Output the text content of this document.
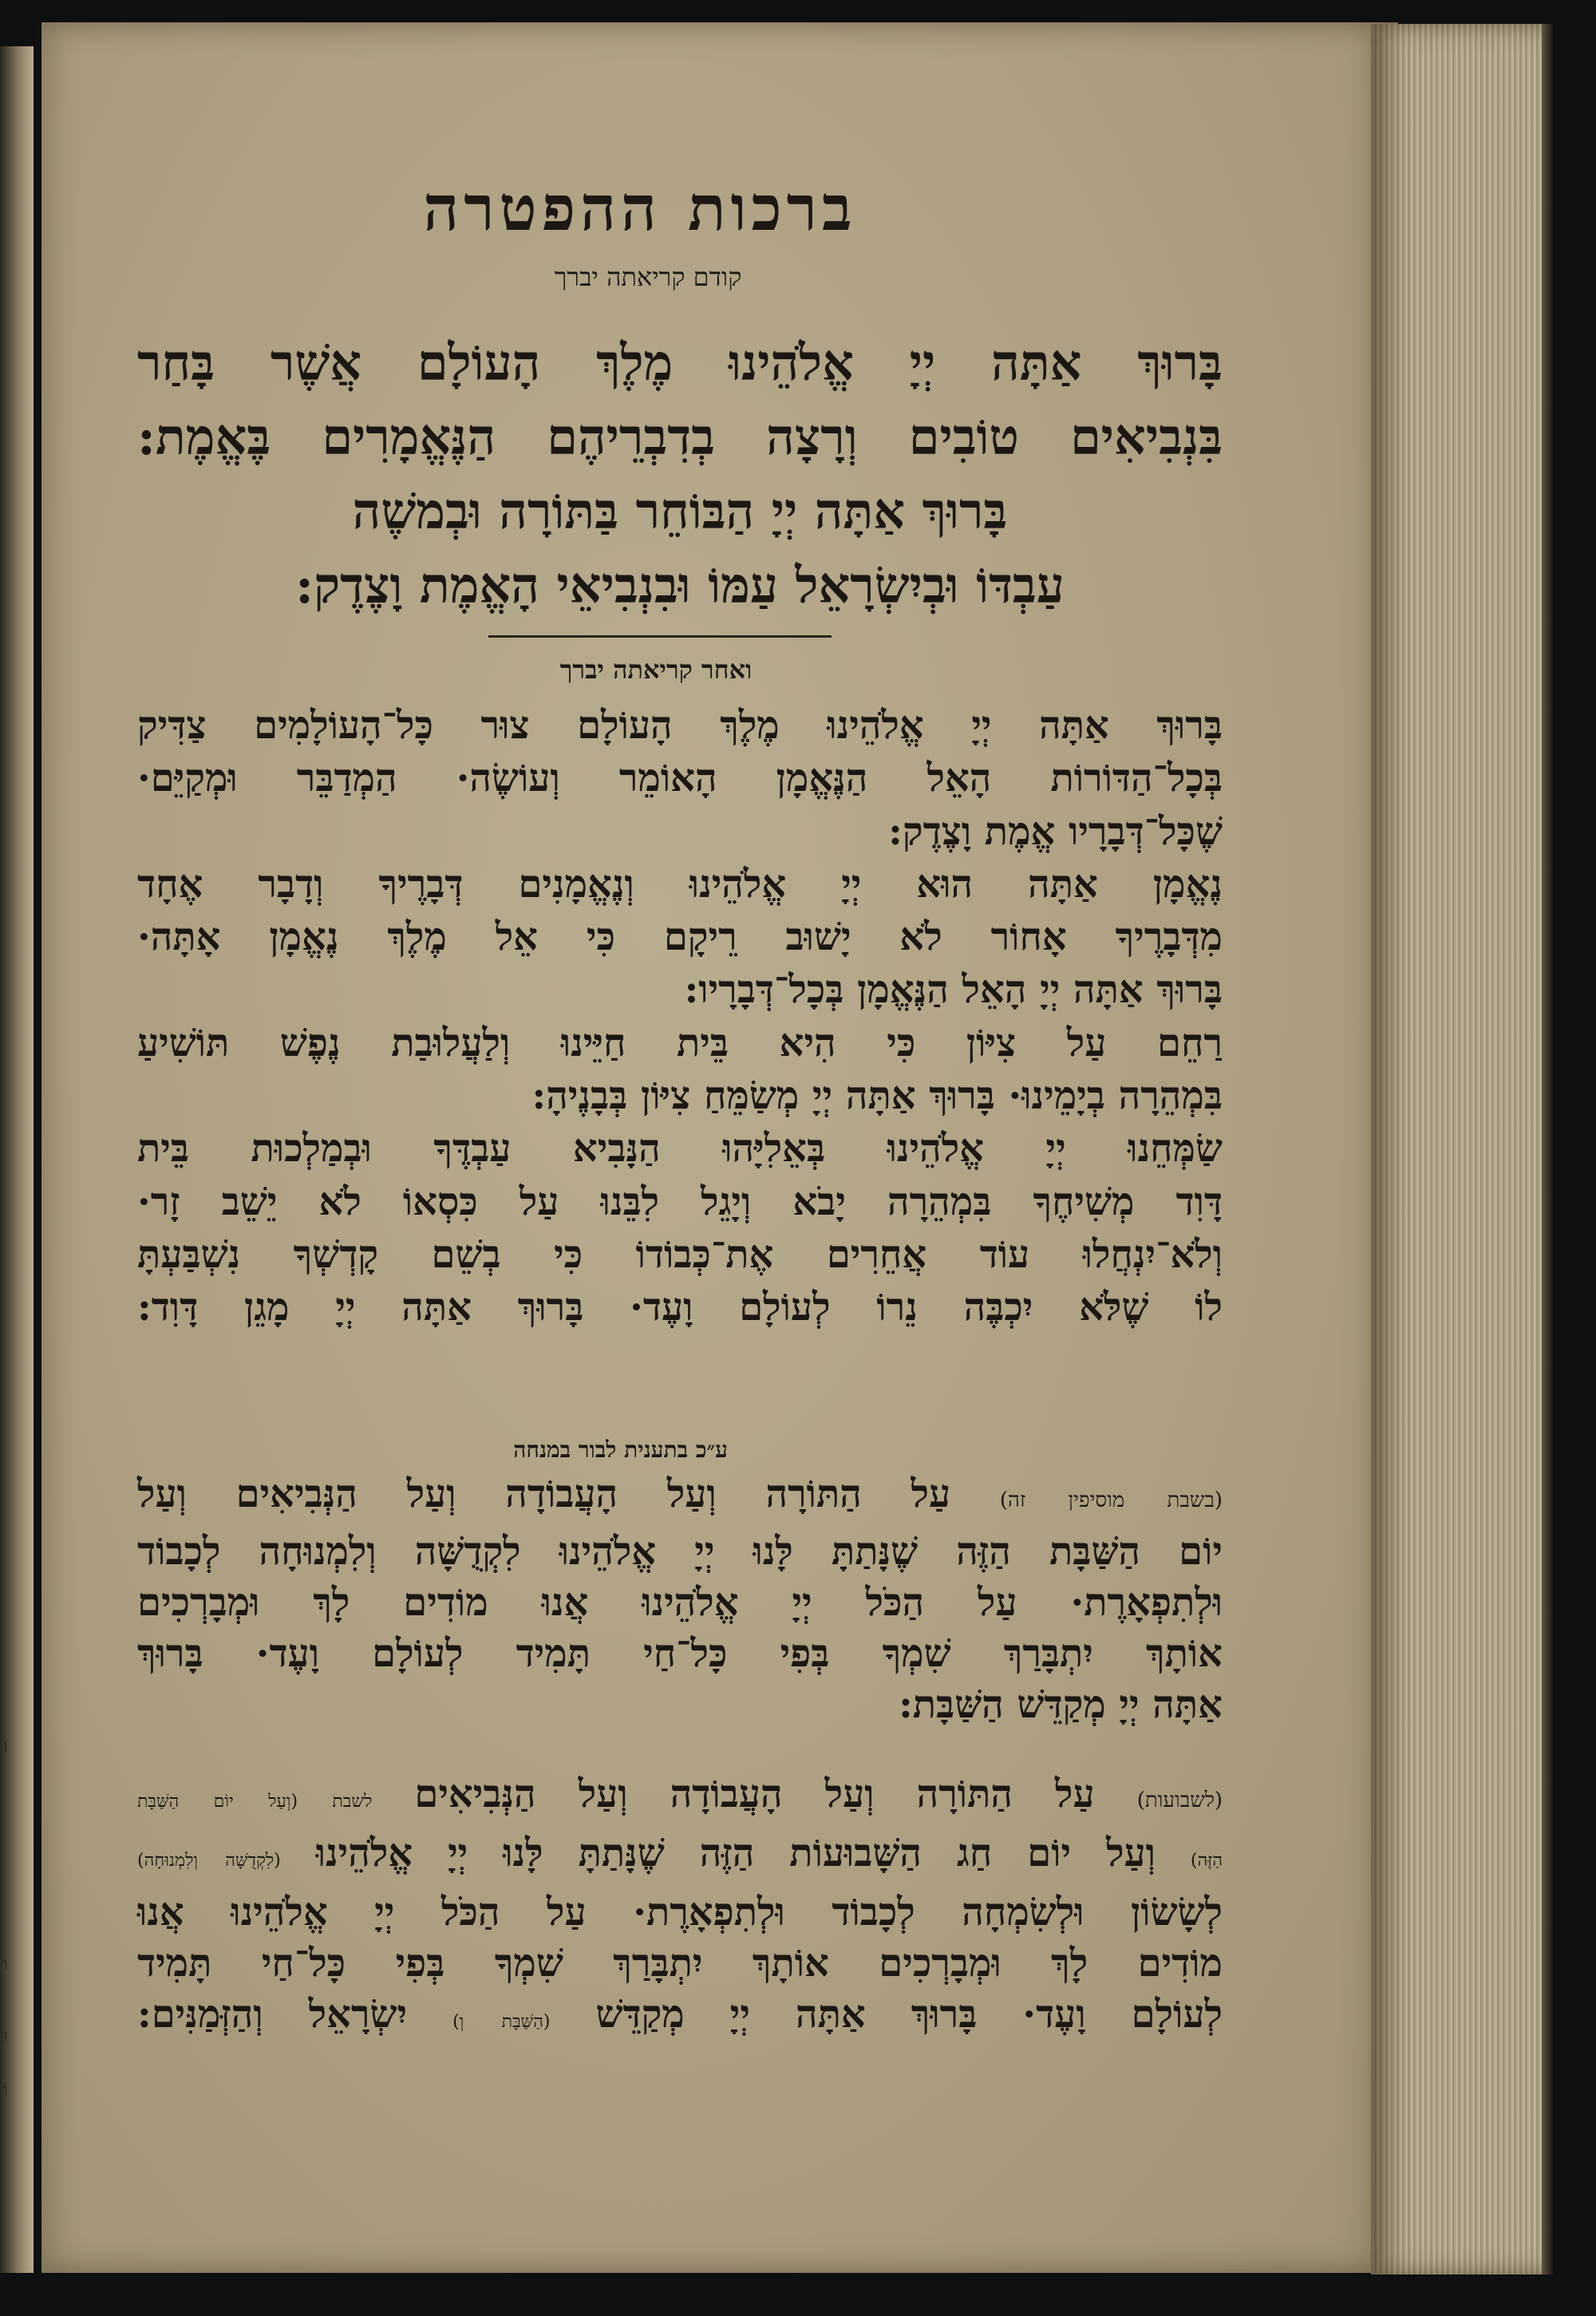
ו
ו
ו
ו
ברכות ההפטרה
קודם קריאתה יברך
בָּרוּךְ אַתָּה יְיָ אֱלֹהֵינוּ מֶלֶךְ הָעוֹלָם אֲשֶׁר בָּחַר
בִּנְבִיאִים טוֹבִים וְרָצָה בְדִבְרֵיהֶם הַנֶּאֱמָרִים בֶּאֱמֶת:
בָּרוּךְ אַתָּה יְיָ הַבּוֹחֵר בַּתּוֹרָה וּבְמשֶׁה
עַבְדּוֹ וּבְיִשְׂרָאֵל עַמּוֹ וּבִנְבִיאֵי הָאֱמֶת וָצֶדֶק:
ואחר קריאתה יברך
בָּרוּךְ אַתָּה יְיָ אֱלֹהֵינוּ מֶלֶךְ הָעוֹלָם צוּר כָּל־הָעוֹלָמִים צַדִּיק
בְּכָל־הַדּוֹרוֹת הָאֵל הַנֶּאֱמָן הָאוֹמֵר וְעוֹשֶׂה· הַמְדַבֵּר וּמְקַיֵּם·
שֶׁכָּל־דְּבָרָיו אֱמֶת וָצֶדֶק:
נֶאֱמָן אַתָּה הוּא יְיָ אֱלֹהֵינוּ וְנֶאֱמָנִים דְּבָרֶיךָ וְדָבָר אֶחָד
מִדְּבָרֶיךָ אָחוֹר לֹא יָשׁוּב רֵיקָם כִּי אֵל מֶלֶךְ נֶאֱמָן אָתָּה·
בָּרוּךְ אַתָּה יְיָ הָאֵל הַנֶּאֱמָן בְּכָל־דְּבָרָיו:
רַחֵם עַל צִיּוֹן כִּי הִיא בֵּית חַיֵּינוּ וְלַעֲלוּבַת נֶפֶשׁ תּוֹשִׁיעַ
בִּמְהֵרָה בְיָמֵינוּ· בָּרוּךְ אַתָּה יְיָ מְשַׂמֵּחַ צִיּוֹן בְּבָנֶיהָ:
שַׂמְּחֵנוּ יְיָ אֱלֹהֵינוּ בְּאֵלִיָּהוּ הַנָּבִיא עַבְדֶּךָ וּבְמַלְכוּת בֵּית
דָּוִד מְשִׁיחֶךָ בִּמְהֵרָה יָבֹא וְיָגֵל לִבֵּנוּ עַל כִּסְאוֹ לֹא יֵשֵׁב זָר·
וְלֹא־יִנְחֲלוּ עוֹד אֲחֵרִים אֶת־כְּבוֹדוֹ כִּי בְשֵׁם קָדְשְׁךָ נִשְׁבַּעְתָּ
לוֹ שֶׁלֹּא יִכְבֶּה נֵרוֹ לְעוֹלָם וָעֶד· בָּרוּךְ אַתָּה יְיָ מָגֵן דָּוִד:
ע״כ בתענית לבור במנחה
(בשבת מוסיפין זה) עַל הַתּוֹרָה וְעַל הָעֲבוֹדָה וְעַל הַנְּבִיאִים וְעַל
יוֹם הַשַּׁבָּת הַזֶּה שֶׁנָּתַתָּ לָּנוּ יְיָ אֱלֹהֵינוּ לִקְדֻשָּׁה וְלִמְנוּחָה לְכָבוֹד
וּלְתִפְאָרֶת· עַל הַכֹּל יְיָ אֱלֹהֵינוּ אֲנוּ מוֹדִים לָךְ וּמְבָרְכִים
אוֹתָךְ יִתְבָּרַךְ שִׁמְךָ בְּפִי כָּל־חַי תָּמִיד לְעוֹלָם וָעֶד· בָּרוּךְ
אַתָּה יְיָ מְקַדֵּשׁ הַשַּׁבָּת:
(לשבועות) עַל הַתּוֹרָה וְעַל הָעֲבוֹדָה וְעַל הַנְּבִיאִים לשבת (וְעַל יוֹם הַשַּׁבָּת
הַזֶּה) וְעַל יוֹם חַג הַשָּׁבוּעוֹת הַזֶּה שֶׁנָּתַתָּ לָּנוּ יְיָ אֱלֹהֵינוּ (לִקְדֻשָּׁה וְלִמְנוּחָה)
לְשָׂשׂוֹן וּלְשִׂמְחָה לְכָבוֹד וּלְתִפְאָרֶת· עַל הַכֹּל יְיָ אֱלֹהֵינוּ אֲנוּ
מוֹדִים לָךְ וּמְבָרְכִים אוֹתָךְ יִתְבָּרַךְ שִׁמְךָ בְּפִי כָּל־חַי תָּמִיד
לְעוֹלָם וָעֶד· בָּרוּךְ אַתָּה יְיָ מְקַדֵּשׁ (הַשַּׁבָּת וְ) יִשְׂרָאֵל וְהַזְּמַנִּים:
